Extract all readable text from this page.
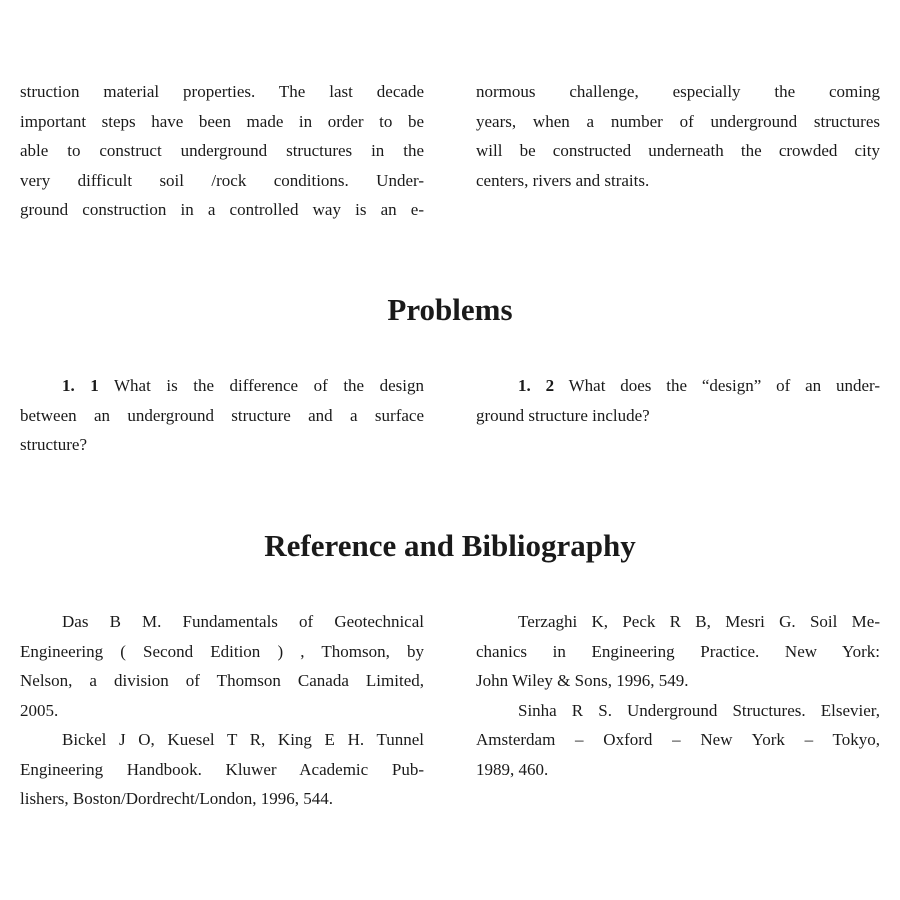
struction material properties. The last decade
important steps have been made in order to be
able to construct underground structures in the
very difficult soil /rock conditions. Under-
ground construction in a controlled way is an e-
normous challenge, especially the coming
years, when a number of underground structures
will be constructed underneath the crowded city
centers, rivers and straits.
Problems
1. 1 What is the difference of the design
between an underground structure and a surface
structure?
1. 2 What does the “design” of an under-
ground structure include?
Reference and Bibliography
Das B M. Fundamentals of Geotechnical
Engineering ( Second Edition ) , Thomson, by
Nelson, a division of Thomson Canada Limited,
2005.
Bickel J O, Kuesel T R, King E H. Tunnel
Engineering Handbook. Kluwer Academic Pub-
lishers, Boston/Dordrecht/London, 1996, 544.
Terzaghi K, Peck R B, Mesri G. Soil Me-
chanics in Engineering Practice. New York:
John Wiley & Sons, 1996, 549.
Sinha R S. Underground Structures. Elsevier,
Amsterdam – Oxford – New York – Tokyo,
1989, 460.
